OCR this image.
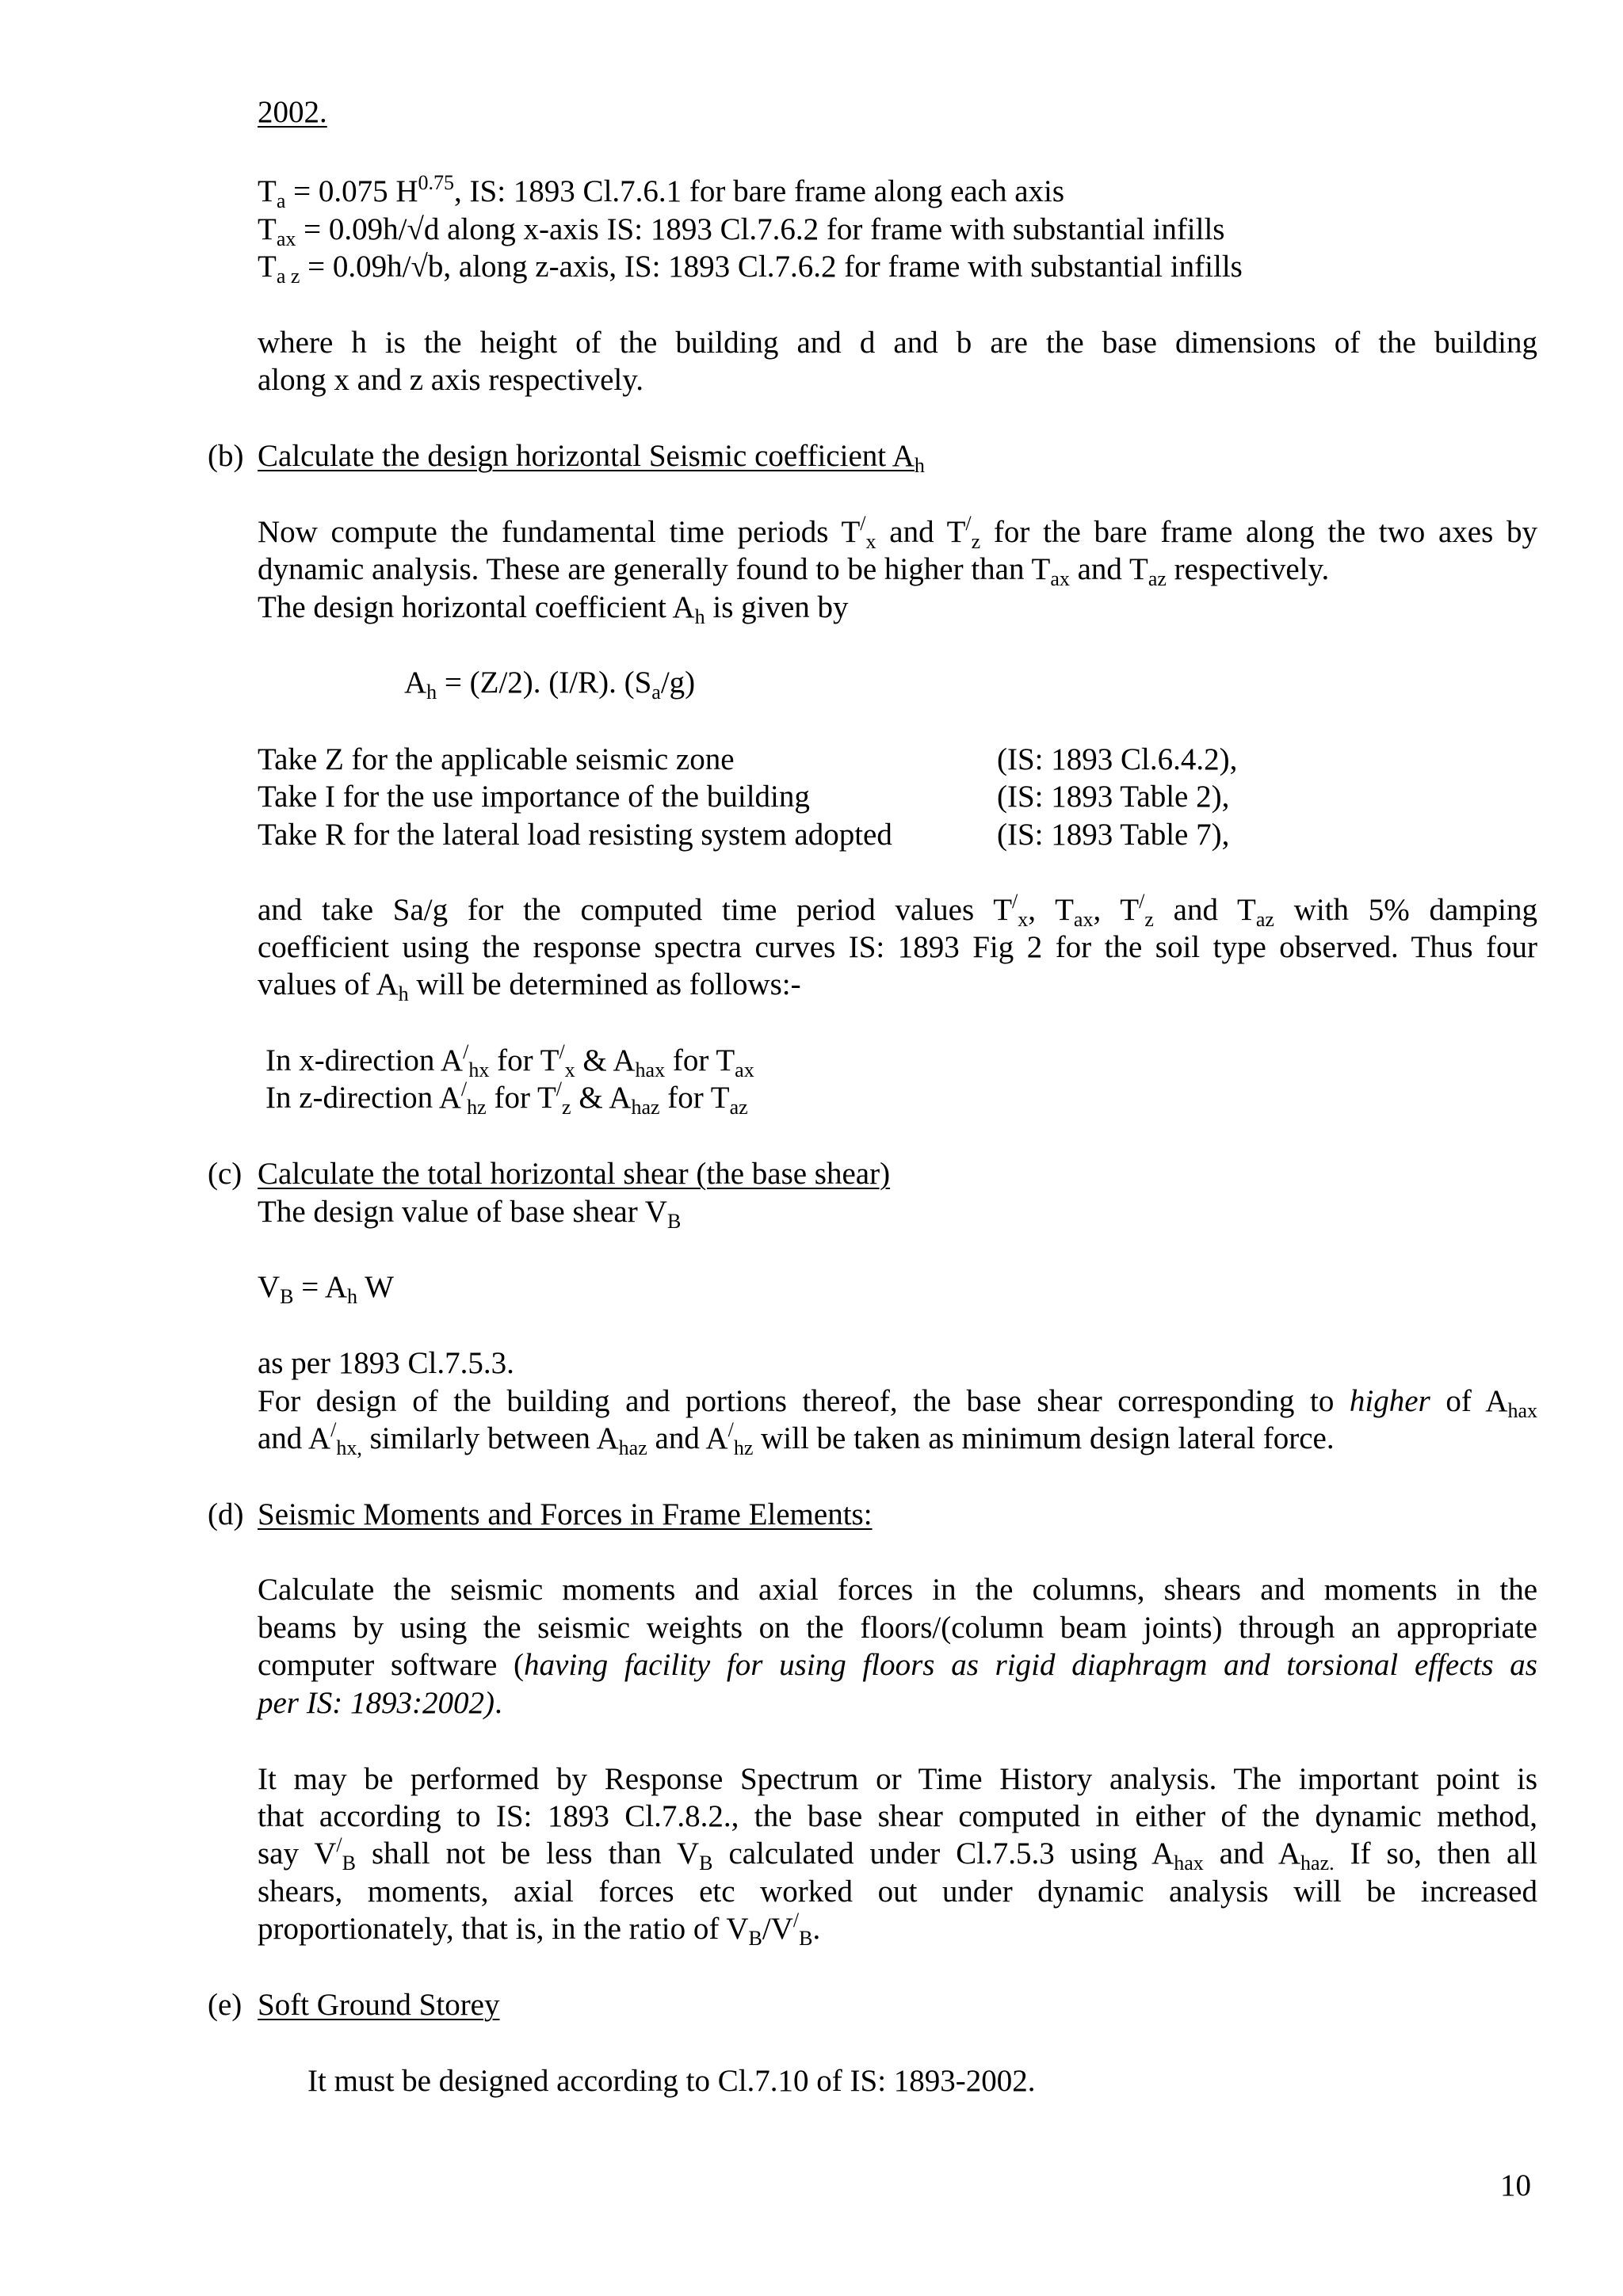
2002.
$T_a = 0.075$ $H^{0.75}$, IS: 1893 Cl.7.6.1 for bare frame along each axis
$T_{ax} = 0.09h/√d$ along x-axis IS: 1893 Cl.7.6.2 for frame with substantial infills
$T_{a z} = 0.09h/√b$, along z-axis, IS: 1893 Cl.7.6.2 for frame with substantial infills
where h is the height of the building and d and b are the base dimensions of the building
along x and z axis respectively.
(b) Calculate the design horizontal Seismic coefficient $A_h$
Now compute the fundamental time periods $T^/_x$ and $T^/_z$ for the bare frame along the two axes by
dynamic analysis. These are generally found to be higher than $T_{ax}$ and $T_{az}$ respectively.
The design horizontal coefficient $A_h$ is given by
$A_h = (Z/2)$. (I/R). $(S_a/g)$
Take Z for the applicable seismic zone	(IS: 1893 Cl.6.4.2),
Take I for the use importance of the building	(IS: 1893 Table 2),
Take R for the lateral load resisting system adopted	(IS: 1893 Table 7),
and take Sa/g for the computed time period values $T^/_x$, $T_{ax}$, $T^/_z$ and $T_{az}$ with 5% damping
coefficient using the response spectra curves IS: 1893 Fig 2 for the soil type observed. Thus four
values of $A_h$ will be determined as follows:-
In x-direction $A^/_{hx}$ for $T^/_x$ & $A_{hax}$ for $T_{ax}$
In z-direction $A^/_{hz}$ for $T^/_z$ & $A_{haz}$ for $T_{az}$
(c) Calculate the total horizontal shear (the base shear)
The design value of base shear $V_B$
$V_B = A_h$ W
as per 1893 Cl.7.5.3.
For design of the building and portions thereof, the base shear corresponding to higher of $A_{hax}$
and $A^/_{hx,}$ similarly between $A_{haz}$ and $A^/_{hz}$ will be taken as minimum design lateral force.
(d) Seismic Moments and Forces in Frame Elements:
Calculate the seismic moments and axial forces in the columns, shears and moments in the
beams by using the seismic weights on the floors/(column beam joints) through an appropriate
computer software (having facility for using floors as rigid diaphragm and torsional effects as
per IS: 1893:2002).
It may be performed by Response Spectrum or Time History analysis. The important point is
that according to IS: 1893 Cl.7.8.2., the base shear computed in either of the dynamic method,
say $V^/_B$ shall not be less than $V_B$ calculated under Cl.7.5.3 using $A_{hax}$ and $A_{haz.}$ If so, then all
shears, moments, axial forces etc worked out under dynamic analysis will be increased
proportionately, that is, in the ratio of $V_B/V^/_B$.
(e) Soft Ground Storey
It must be designed according to Cl.7.10 of IS: 1893-2002.
10
